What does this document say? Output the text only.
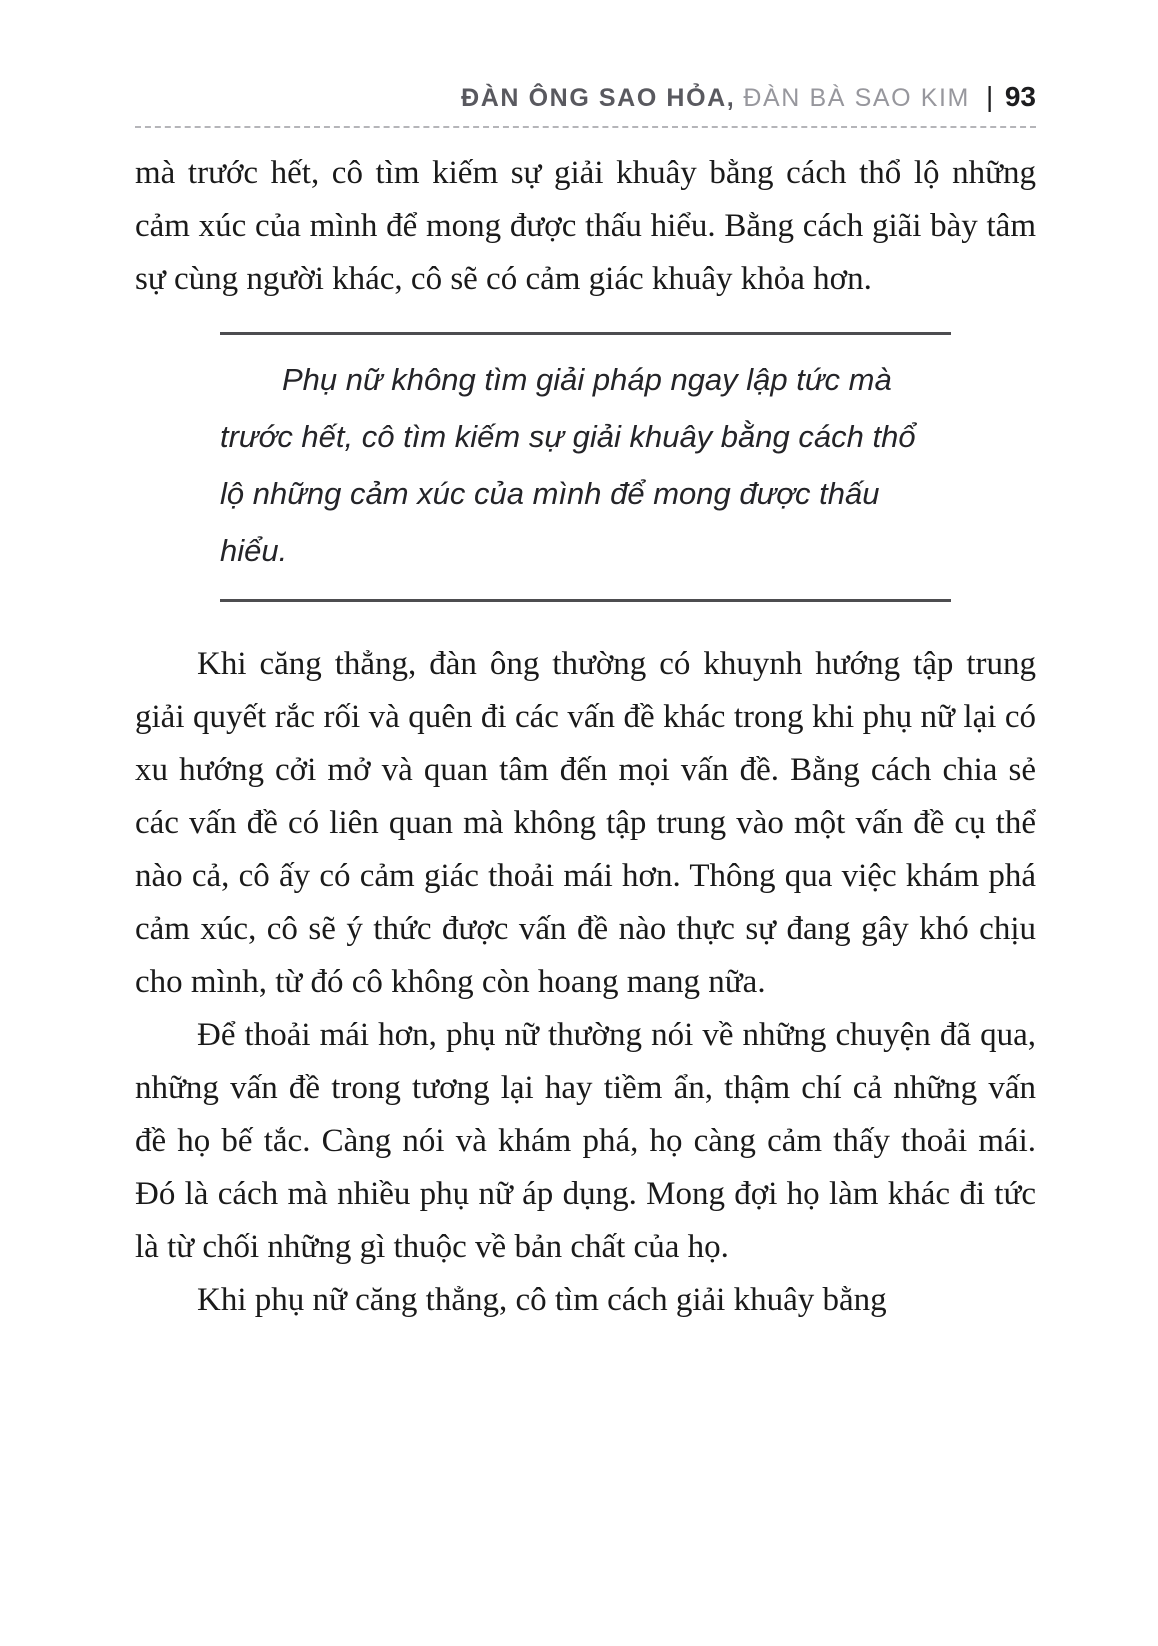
ĐÀN ÔNG SAO HỎA, ĐÀN BÀ SAO KIM | 93

mà trước hết, cô tìm kiếm sự giải khuây bằng cách thổ lộ những cảm xúc của mình để mong được thấu hiểu. Bằng cách giãi bày tâm sự cùng người khác, cô sẽ có cảm giác khuây khỏa hơn.

Phụ nữ không tìm giải pháp ngay lập tức mà trước hết, cô tìm kiếm sự giải khuây bằng cách thổ lộ những cảm xúc của mình để mong được thấu hiểu.

Khi căng thẳng, đàn ông thường có khuynh hướng tập trung giải quyết rắc rối và quên đi các vấn đề khác trong khi phụ nữ lại có xu hướng cởi mở và quan tâm đến mọi vấn đề. Bằng cách chia sẻ các vấn đề có liên quan mà không tập trung vào một vấn đề cụ thể nào cả, cô ấy có cảm giác thoải mái hơn. Thông qua việc khám phá cảm xúc, cô sẽ ý thức được vấn đề nào thực sự đang gây khó chịu cho mình, từ đó cô không còn hoang mang nữa.

Để thoải mái hơn, phụ nữ thường nói về những chuyện đã qua, những vấn đề trong tương lại hay tiềm ẩn, thậm chí cả những vấn đề họ bế tắc. Càng nói và khám phá, họ càng cảm thấy thoải mái. Đó là cách mà nhiều phụ nữ áp dụng. Mong đợi họ làm khác đi tức là từ chối những gì thuộc về bản chất của họ.

Khi phụ nữ căng thẳng, cô tìm cách giải khuây bằng
